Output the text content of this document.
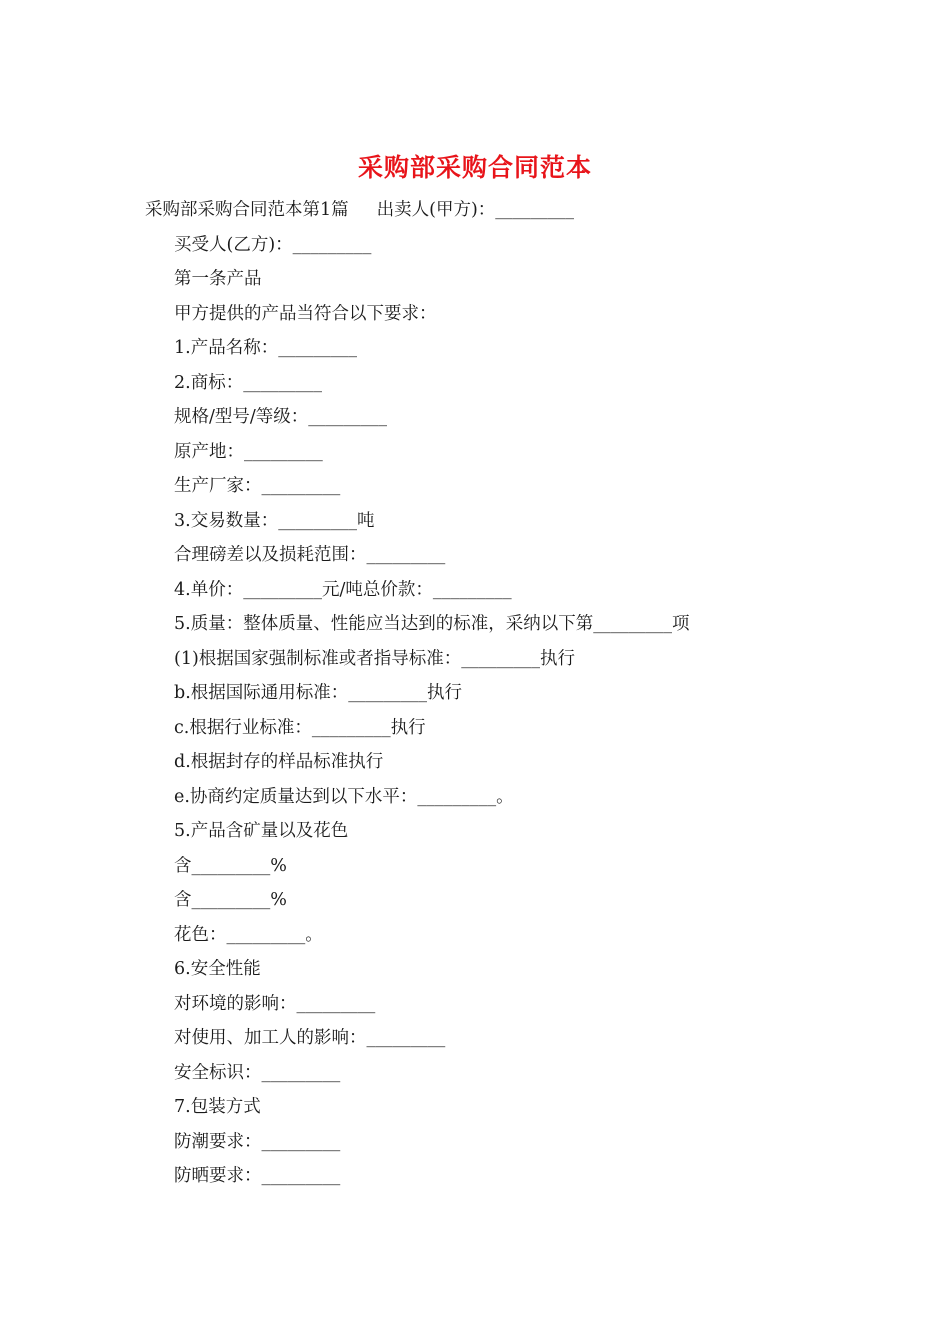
采购部采购合同范本
采购部采购合同范本第1篇 出卖人(甲方)：_________
买受人(乙方)：_________
第一条产品
甲方提供的产品当符合以下要求：
1.产品名称：_________
2.商标：_________
规格/型号/等级：_________
原产地：_________
生产厂家：_________
3.交易数量：_________吨
合理磅差以及损耗范围：_________
4.单价：_________元/吨总价款：_________
5.质量：整体质量、性能应当达到的标准，采纳以下第_________项
(1)根据国家强制标准或者指导标准：_________执行
b.根据国际通用标准：_________执行
c.根据行业标准：_________执行
d.根据封存的样品标准执行
e.协商约定质量达到以下水平：_________。
5.产品含矿量以及花色
含_________%
含_________%
花色：_________。
6.安全性能
对环境的影响：_________
对使用、加工人的影响：_________
安全标识：_________
7.包装方式
防潮要求：_________
防晒要求：_________
